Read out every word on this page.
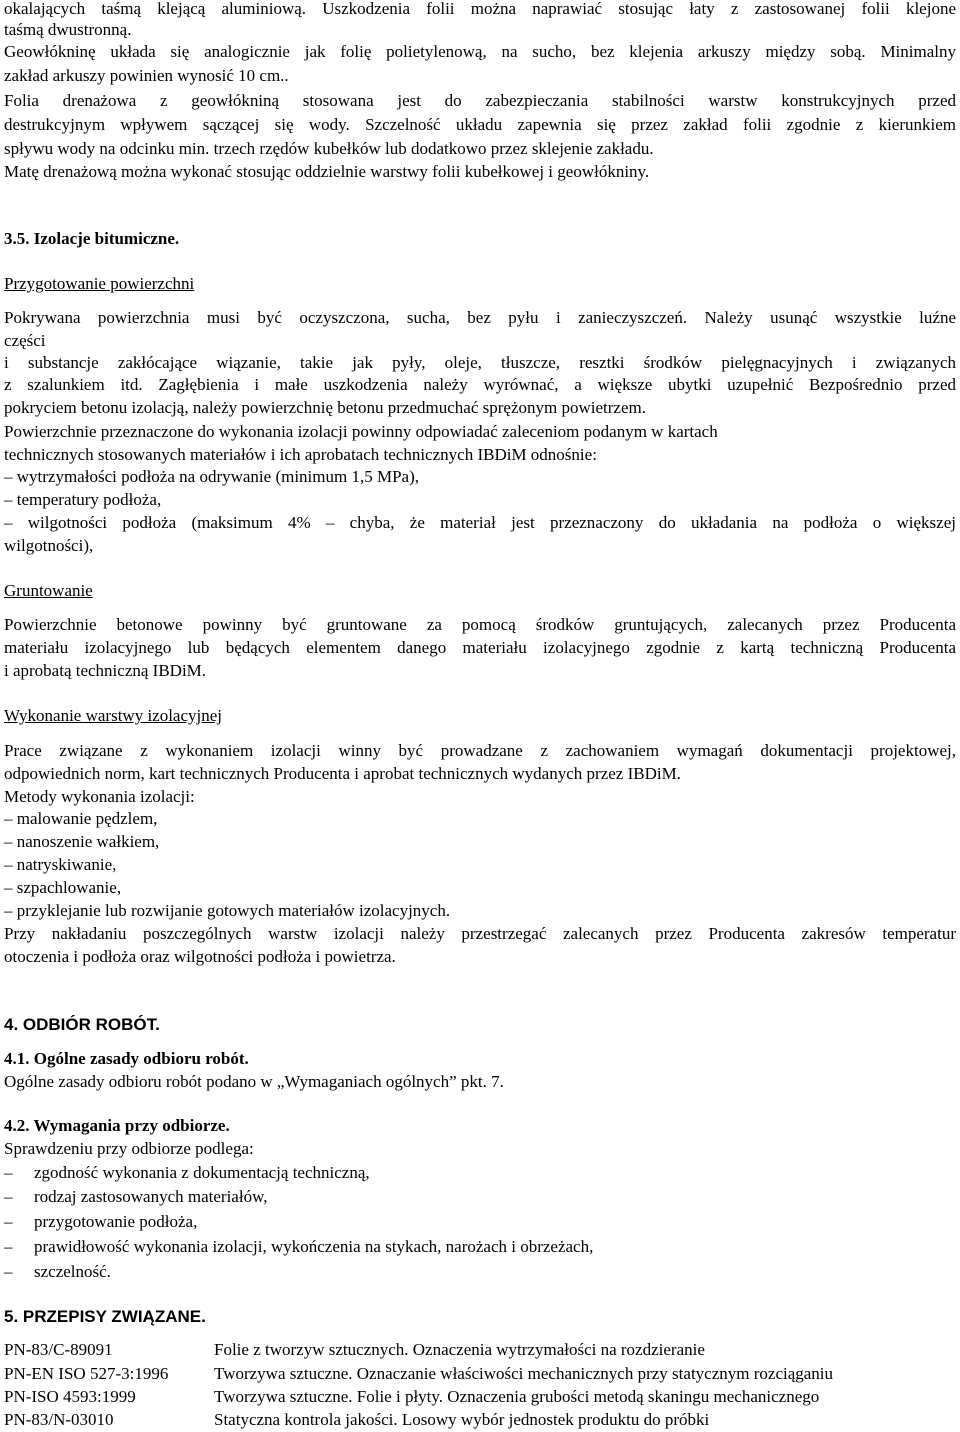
okalających taśmą klejącą aluminiową. Uszkodzenia folii można naprawiać stosując łaty z zastosowanej folii klejone
taśmą dwustronną.
Geowłókninę układa się analogicznie jak folię polietylenową, na sucho, bez klejenia arkuszy między sobą. Minimalny
zakład arkuszy powinien wynosić 10 cm..
Folia drenażowa z geowłókniną stosowana jest do zabezpieczania stabilności warstw konstrukcyjnych przed
destrukcyjnym wpływem sączącej się wody. Szczelność układu zapewnia się przez zakład folii zgodnie z kierunkiem
spływu wody na odcinku min. trzech rzędów kubełków lub dodatkowo przez sklejenie zakładu.
Matę drenażową można wykonać stosując oddzielnie warstwy folii kubełkowej i geowłókniny.
3.5. Izolacje bitumiczne.
Przygotowanie powierzchni
Pokrywana powierzchnia musi być oczyszczona, sucha, bez pyłu i zanieczyszczeń. Należy usunąć wszystkie luźne
części
i substancje zakłócające wiązanie, takie jak pyły, oleje, tłuszcze, resztki środków pielęgnacyjnych i związanych
z szalunkiem itd. Zagłębienia i małe uszkodzenia należy wyrównać, a większe ubytki uzupełnić Bezpośrednio przed
pokryciem betonu izolacją, należy powierzchnię betonu przedmuchać sprężonym powietrzem.
Powierzchnie przeznaczone do wykonania izolacji powinny odpowiadać zaleceniom podanym w kartach
technicznych stosowanych materiałów i ich aprobatach technicznych IBDiM odnośnie:
– wytrzymałości podłoża na odrywanie (minimum 1,5 MPa),
– temperatury podłoża,
– wilgotności podłoża (maksimum 4% – chyba, że materiał jest przeznaczony do układania na podłoża o większej
wilgotności),
Gruntowanie
Powierzchnie betonowe powinny być gruntowane za pomocą środków gruntujących, zalecanych przez Producenta
materiału izolacyjnego lub będących elementem danego materiału izolacyjnego zgodnie z kartą techniczną Producenta
i aprobatą techniczną IBDiM.
Wykonanie warstwy izolacyjnej
Prace związane z wykonaniem izolacji winny być prowadzane z zachowaniem wymagań dokumentacji projektowej,
odpowiednich norm, kart technicznych Producenta i aprobat technicznych wydanych przez IBDiM.
Metody wykonania izolacji:
– malowanie pędzlem,
– nanoszenie wałkiem,
– natryskiwanie,
– szpachlowanie,
– przyklejanie lub rozwijanie gotowych materiałów izolacyjnych.
Przy nakładaniu poszczególnych warstw izolacji należy przestrzegać zalecanych przez Producenta zakresów temperatur
otoczenia i podłoża oraz wilgotności podłoża i powietrza.
4. ODBIÓR ROBÓT.
4.1. Ogólne zasady odbioru robót.
Ogólne zasady odbioru robót podano w „Wymaganiach ogólnych” pkt. 7.
4.2. Wymagania przy odbiorze.
Sprawdzeniu przy odbiorze podlega:
– zgodność wykonania z dokumentacją techniczną,
– rodzaj zastosowanych materiałów,
– przygotowanie podłoża,
– prawidłowość wykonania izolacji, wykończenia na stykach, narożach i obrzeżach,
– szczelność.
5. PRZEPISY ZWIĄZANE.
PN-83/C-89091	Folie z tworzyw sztucznych. Oznaczenia wytrzymałości na rozdzieranie
PN-EN ISO 527-3:1996	Tworzywa sztuczne. Oznaczanie właściwości mechanicznych przy statycznym rozciąganiu
PN-ISO 4593:1999	Tworzywa sztuczne. Folie i płyty. Oznaczenia grubości metodą skaningu mechanicznego
PN-83/N-03010	Statyczna kontrola jakości. Losowy wybór jednostek produktu do próbki
